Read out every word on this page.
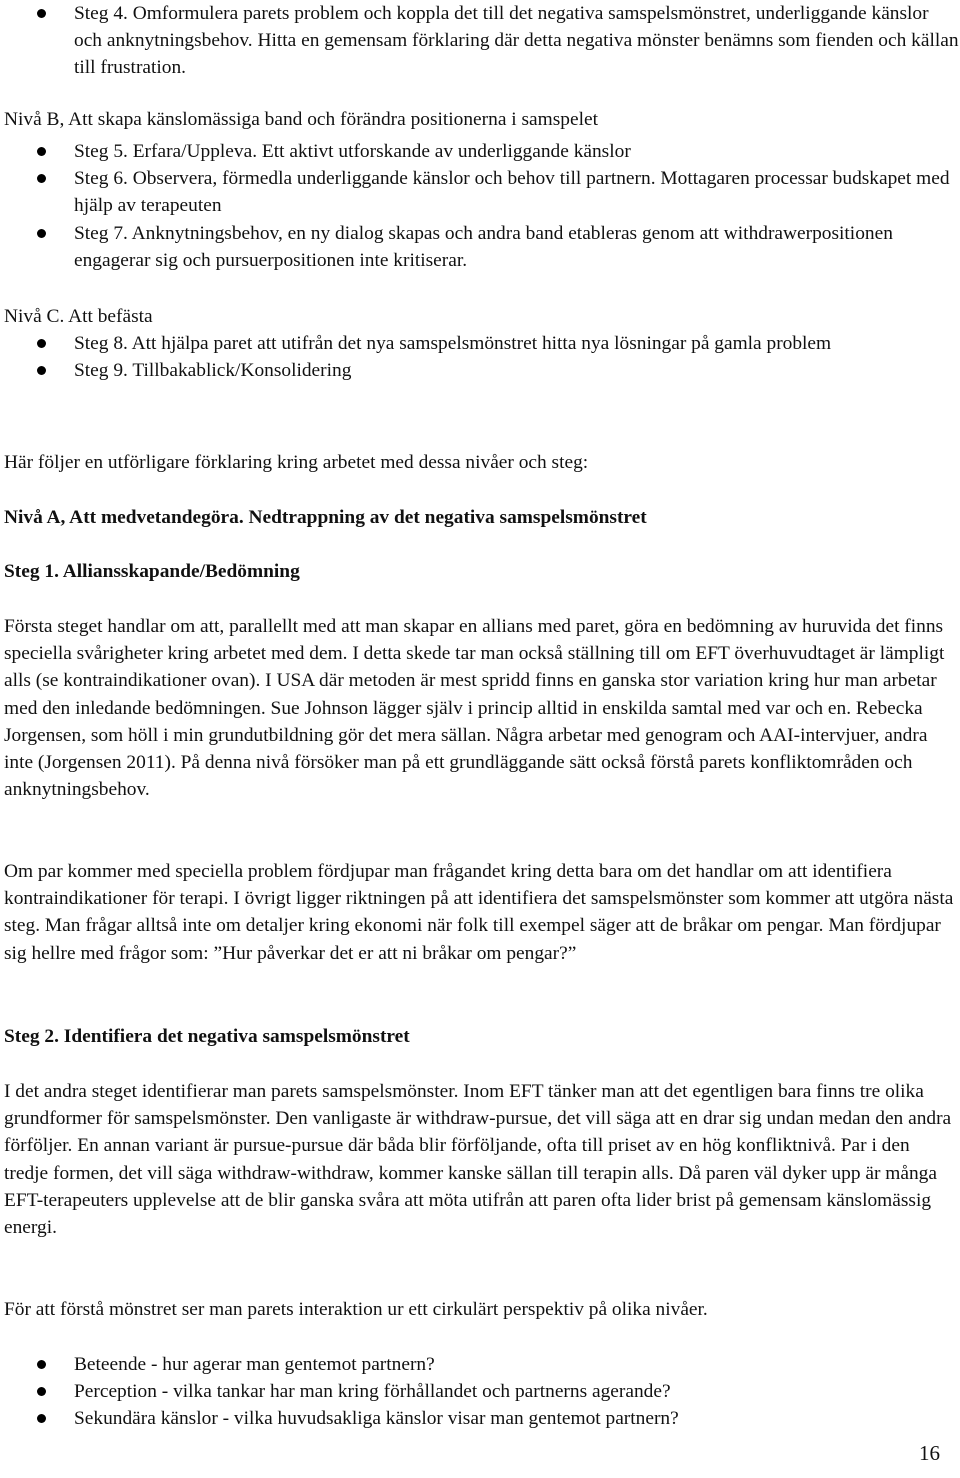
Steg 4. Omformulera parets problem och koppla det till det negativa samspelsmönstret, underliggande känslor och anknytningsbehov. Hitta en gemensam förklaring där detta negativa mönster benämns som fienden och källan till frustration.

Nivå B, Att skapa känslomässiga band och förändra positionerna i samspelet

Steg 5. Erfara/Uppleva. Ett aktivt utforskande av underliggande känslor
Steg 6. Observera, förmedla underliggande känslor och behov till partnern. Mottagaren processar budskapet med hjälp av terapeuten
Steg 7. Anknytningsbehov, en ny dialog skapas och andra band etableras genom att withdrawerpositionen engagerar sig och pursuerpositionen inte kritiserar.

Nivå C. Att befästa

Steg 8. Att hjälpa paret att utifrån det nya samspelsmönstret hitta nya lösningar på gamla problem
Steg 9. Tillbakablick/Konsolidering

Här följer en utförligare förklaring kring arbetet med dessa nivåer och steg:

Nivå A, Att medvetandegöra. Nedtrappning av det negativa samspelsmönstret

Steg 1. Alliansskapande/Bedömning

Första steget handlar om att, parallellt med att man skapar en allians med paret, göra en bedömning av huruvida det finns speciella svårigheter kring arbetet med dem. I detta skede tar man också ställning till om EFT överhuvudtaget är lämpligt alls (se kontraindikationer ovan). I USA där metoden är mest spridd finns en ganska stor variation kring hur man arbetar med den inledande bedömningen. Sue Johnson lägger själv i princip alltid in enskilda samtal med var och en. Rebecka Jorgensen, som höll i min grundutbildning gör det mera sällan. Några arbetar med genogram och AAI-intervjuer, andra inte (Jorgensen 2011). På denna nivå försöker man på ett grundläggande sätt också förstå parets konfliktområden och anknytningsbehov.

Om par kommer med speciella problem fördjupar man frågandet kring detta bara om det handlar om att identifiera kontraindikationer för terapi. I övrigt ligger riktningen på att identifiera det samspelsmönster som kommer att utgöra nästa steg. Man frågar alltså inte om detaljer kring ekonomi när folk till exempel säger att de bråkar om pengar. Man fördjupar sig hellre med frågor som: ”Hur påverkar det er att ni bråkar om pengar?”

Steg 2. Identifiera det negativa samspelsmönstret

I det andra steget identifierar man parets samspelsmönster. Inom EFT tänker man att det egentligen bara finns tre olika grundformer för samspelsmönster. Den vanligaste är withdraw-pursue, det vill säga att en drar sig undan medan den andra förföljer. En annan variant är pursue-pursue där båda blir förföljande, ofta till priset av en hög konfliktnivå. Par i den tredje formen, det vill säga withdraw-withdraw, kommer kanske sällan till terapin alls. Då paren väl dyker upp är många EFT-terapeuters upplevelse att de blir ganska svåra att möta utifrån att paren ofta lider brist på gemensam känslomässig energi.

För att förstå mönstret ser man parets interaktion ur ett cirkulärt perspektiv på olika nivåer.

Beteende - hur agerar man gentemot partnern?
Perception - vilka tankar har man kring förhållandet och partnerns agerande?
Sekundära känslor - vilka huvudsakliga känslor visar man gentemot partnern?
16
